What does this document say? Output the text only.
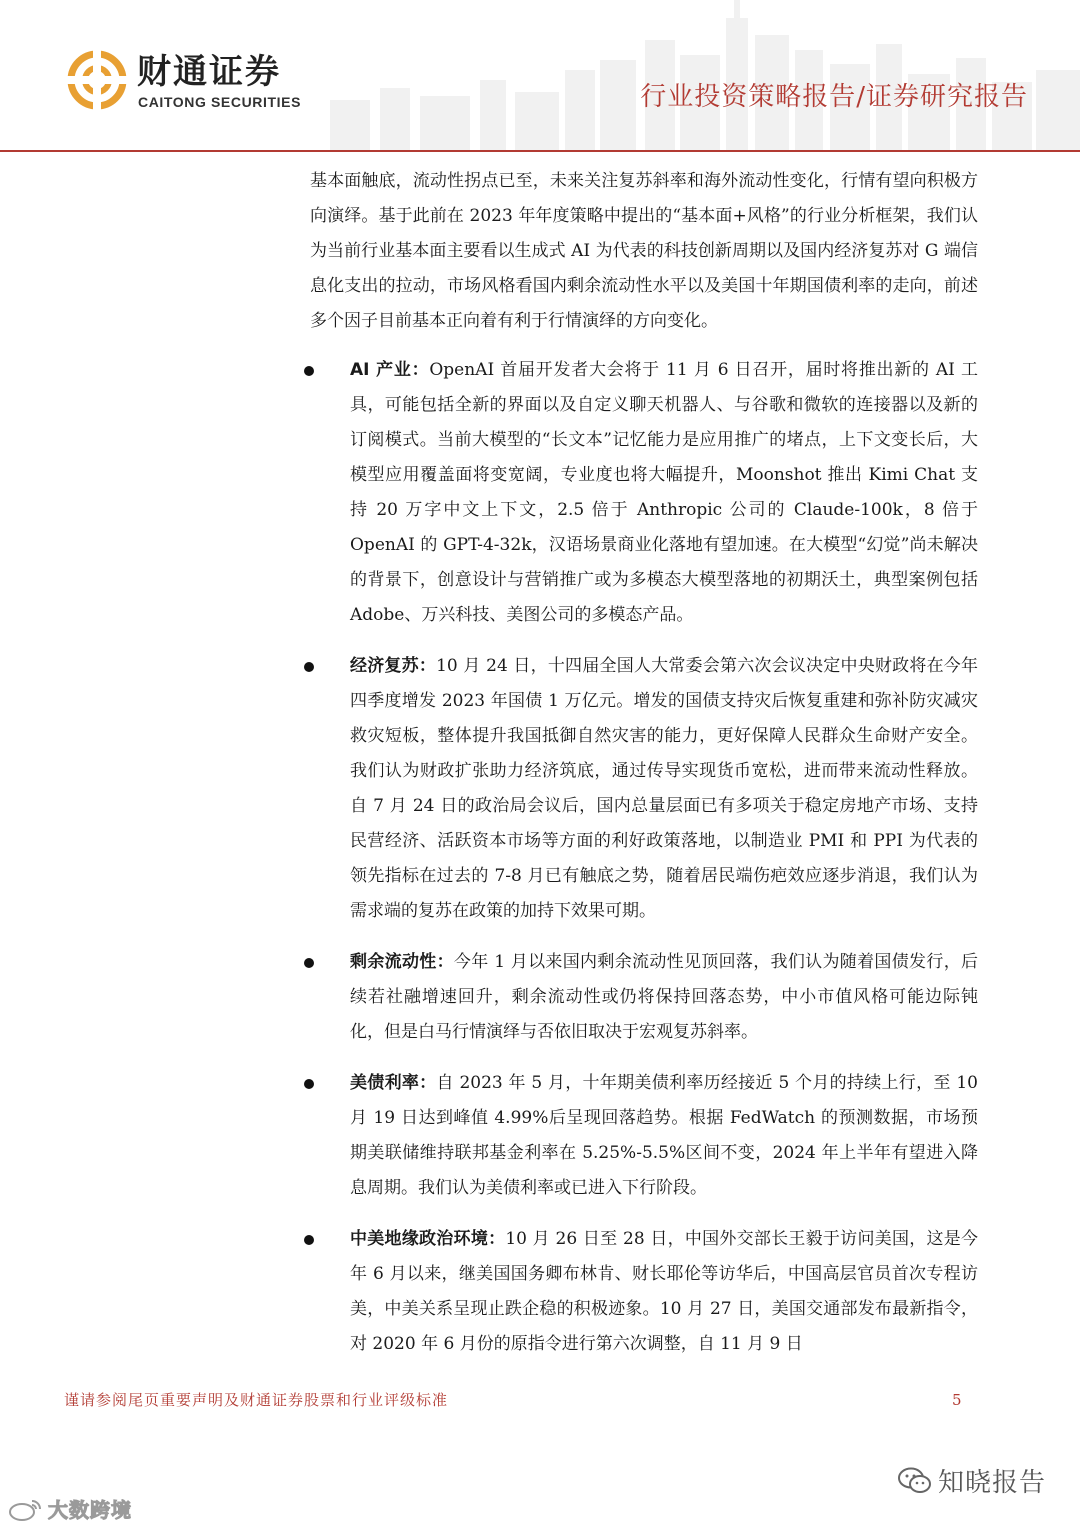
财通证券

CAITONG SECURITIES	行业投资策略报告/证券研究报告

基本面触底，流动性拐点已至，未来关注复苏斜率和海外流动性变化，行情有望向积极方向演绎。基于此前在 2023 年年度策略中提出的“基本面+风格”的行业分析框架，我们认为当前行业基本面主要看以生成式 AI 为代表的科技创新周期以及国内经济复苏对 G 端信息化支出的拉动，市场风格看国内剩余流动性水平以及美国十年期国债利率的走向，前述多个因子目前基本正向着有利于行情演绎的方向变化。

AI 产业：OpenAI 首届开发者大会将于 11 月 6 日召开，届时将推出新的 AI 工具，可能包括全新的界面以及自定义聊天机器人、与谷歌和微软的连接器以及新的订阅模式。当前大模型的“长文本”记忆能力是应用推广的堵点，上下文变长后，大模型应用覆盖面将变宽阔，专业度也将大幅提升，Moonshot 推出 Kimi Chat 支持 20 万字中文上下文，2.5 倍于 Anthropic 公司的 Claude-100k，8 倍于 OpenAI 的 GPT-4-32k，汉语场景商业化落地有望加速。在大模型“幻觉”尚未解决的背景下，创意设计与营销推广或为多模态大模型落地的初期沃土，典型案例包括 Adobe、万兴科技、美图公司的多模态产品。

经济复苏：10 月 24 日，十四届全国人大常委会第六次会议决定中央财政将在今年四季度增发 2023 年国债 1 万亿元。增发的国债支持灾后恢复重建和弥补防灾减灾救灾短板，整体提升我国抵御自然灾害的能力，更好保障人民群众生命财产安全。我们认为财政扩张助力经济筑底，通过传导实现货币宽松，进而带来流动性释放。自 7 月 24 日的政治局会议后，国内总量层面已有多项关于稳定房地产市场、支持民营经济、活跃资本市场等方面的利好政策落地，以制造业 PMI 和 PPI 为代表的领先指标在过去的 7-8 月已有触底之势，随着居民端伤疤效应逐步消退，我们认为需求端的复苏在政策的加持下效果可期。

剩余流动性：今年 1 月以来国内剩余流动性见顶回落，我们认为随着国债发行，后续若社融增速回升，剩余流动性或仍将保持回落态势，中小市值风格可能边际钝化，但是白马行情演绎与否依旧取决于宏观复苏斜率。

美债利率：自 2023 年 5 月，十年期美债利率历经接近 5 个月的持续上行，至 10 月 19 日达到峰值 4.99%后呈现回落趋势。根据 FedWatch 的预测数据，市场预期美联储维持联邦基金利率在 5.25%-5.5%区间不变，2024 年上半年有望进入降息周期。我们认为美债利率或已进入下行阶段。

中美地缘政治环境：10 月 26 日至 28 日，中国外交部长王毅于访问美国，这是今年 6 月以来，继美国国务卿布林肯、财长耶伦等访华后，中国高层官员首次专程访美，中美关系呈现止跌企稳的积极迹象。10 月 27 日，美国交通部发布最新指令，对 2020 年 6 月份的原指令进行第六次调整，自 11 月 9 日

谨请参阅尾页重要声明及财通证券股票和行业评级标准	5

知晓报告
大数跨境
